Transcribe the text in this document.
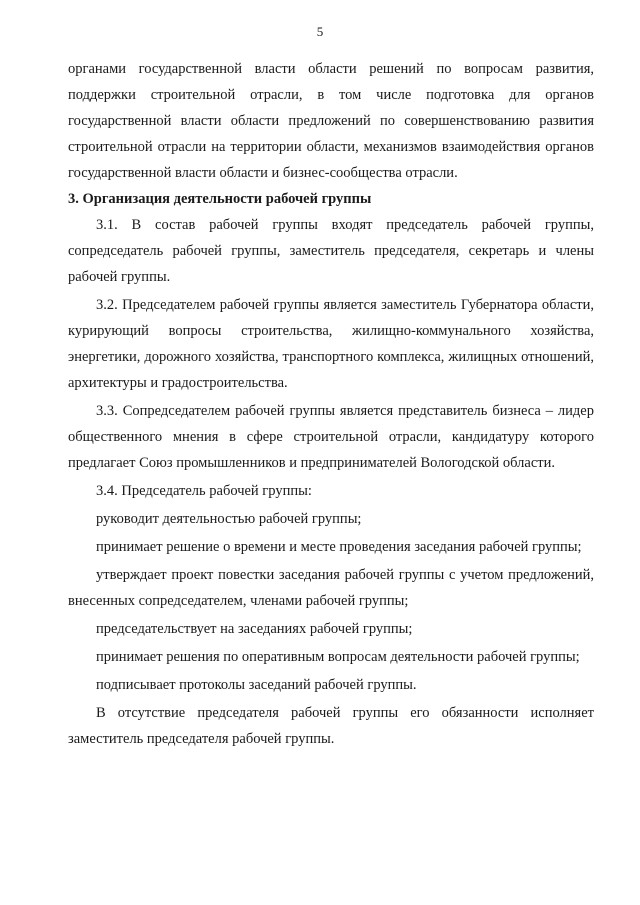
5

органами государственной власти области решений по вопросам развития, поддержки строительной отрасли, в том числе подготовка для органов государственной власти области предложений по совершенствованию развития строительной отрасли на территории области, механизмов взаимодействия органов государственной власти области и бизнес-сообщества отрасли.

3. Организация деятельности рабочей группы

3.1. В состав рабочей группы входят председатель рабочей группы, сопредседатель рабочей группы, заместитель председателя, секретарь и члены рабочей группы.

3.2. Председателем рабочей группы является заместитель Губернатора области, курирующий вопросы строительства, жилищно-коммунального хозяйства, энергетики, дорожного хозяйства, транспортного комплекса, жилищных отношений, архитектуры и градостроительства.

3.3. Сопредседателем рабочей группы является представитель бизнеса – лидер общественного мнения в сфере строительной отрасли, кандидатуру которого предлагает Союз промышленников и предпринимателей Вологодской области.

3.4. Председатель рабочей группы:

руководит деятельностью рабочей группы;

принимает решение о времени и месте проведения заседания рабочей группы;

утверждает проект повестки заседания рабочей группы с учетом предложений, внесенных сопредседателем, членами рабочей группы;

председательствует на заседаниях рабочей группы;

принимает решения по оперативным вопросам деятельности рабочей группы;

подписывает протоколы заседаний рабочей группы.

В отсутствие председателя рабочей группы его обязанности исполняет заместитель председателя рабочей группы.
